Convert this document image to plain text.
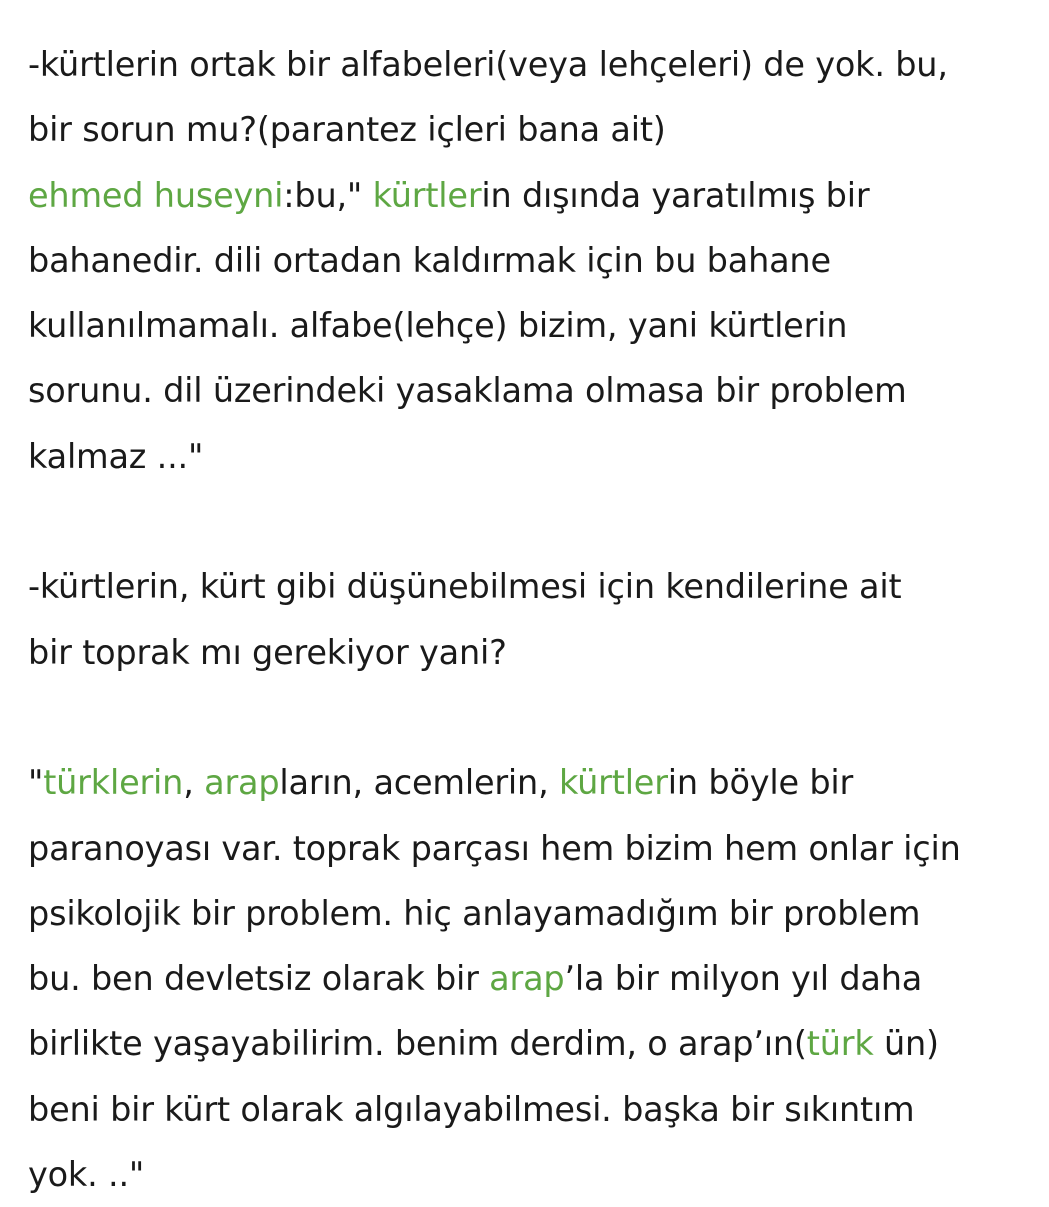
-kürtlerin ortak bir alfabeleri(veya lehçeleri) de yok. bu,
bir sorun mu?(parantez içleri bana ait)
ehmed huseyni:bu," kürtlerin dışında yaratılmış bir
bahanedir. dili ortadan kaldırmak için bu bahane
kullanılmamalı. alfabe(lehçe) bizim, yani kürtlerin
sorunu. dil üzerindeki yasaklama olmasa bir problem
kalmaz ..."
-kürtlerin, kürt gibi düşünebilmesi için kendilerine ait
bir toprak mı gerekiyor yani?
"türklerin, arapların, acemlerin, kürtlerin böyle bir
paranoyası var. toprak parçası hem bizim hem onlar için
psikolojik bir problem. hiç anlayamadığım bir problem
bu. ben devletsiz olarak bir arap’la bir milyon yıl daha
birlikte yaşayabilirim. benim derdim, o arap’ın(türk ün)
beni bir kürt olarak algılayabilmesi. başka bir sıkıntım
yok. .."
